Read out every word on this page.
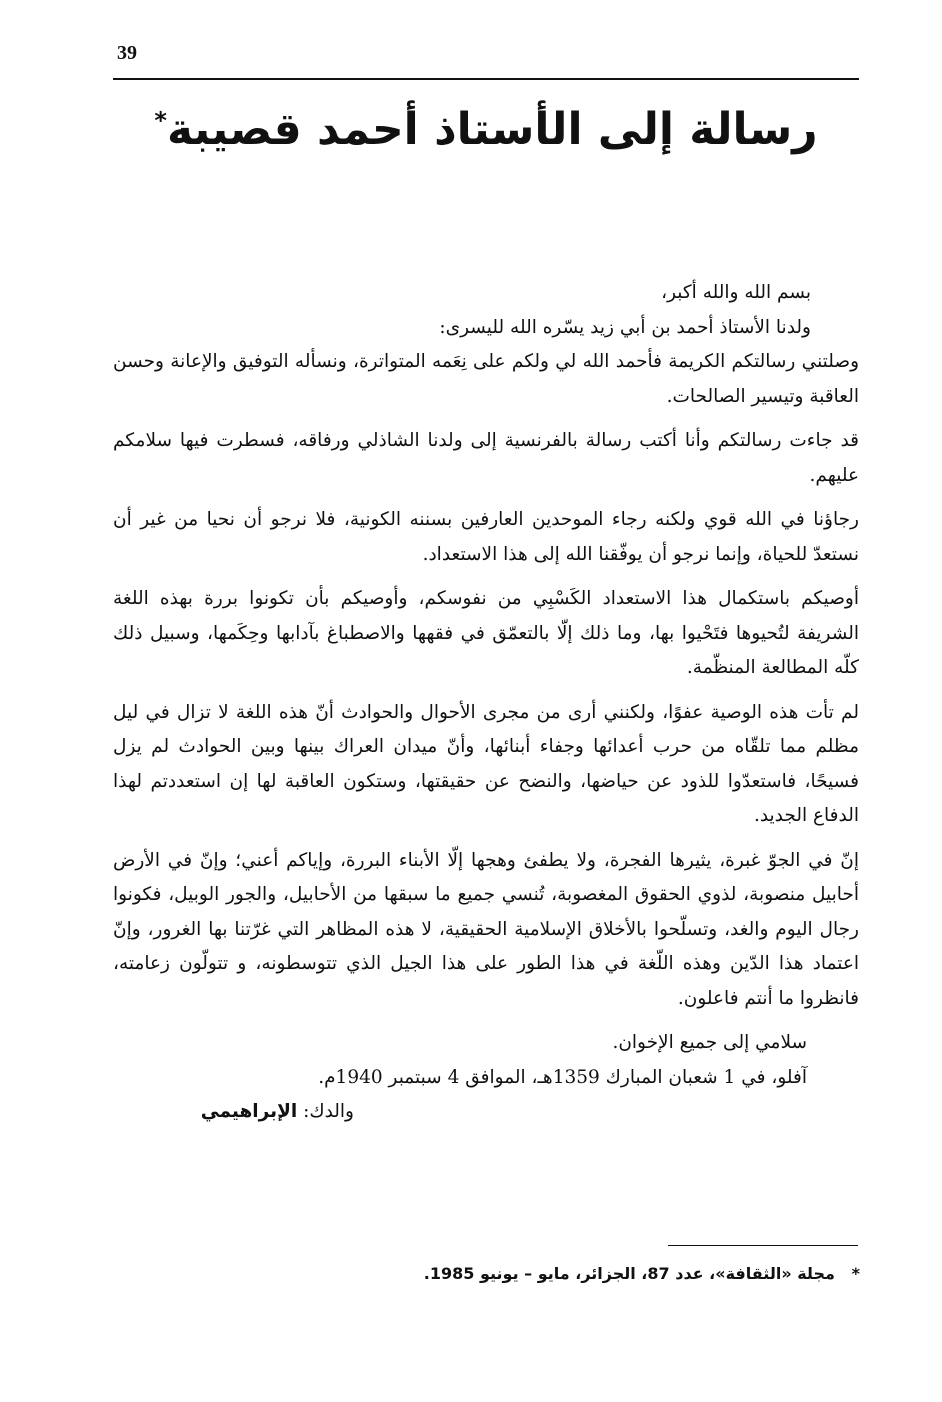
39
رسالة إلى الأستاذ أحمد قصيبة*

بسم الله والله أكبر،

ولدنا الأستاذ أحمد بن أبي زيد يسّره الله لليسرى:

وصلتني رسالتكم الكريمة فأحمد الله لي ولكم على نِعَمه المتواترة، ونسأله التوفيق والإعانة وحسن العاقبة وتيسير الصالحات.

قد جاءت رسالتكم وأنا أكتب رسالة بالفرنسية إلى ولدنا الشاذلي ورفاقه، فسطرت فيها سلامكم عليهم.

رجاؤنا في الله قوي ولكنه رجاء الموحدين العارفين بسننه الكونية، فلا نرجو أن نحيا من غير أن نستعدّ للحياة، وإنما نرجو أن يوفّقنا الله إلى هذا الاستعداد.

أوصيكم باستكمال هذا الاستعداد الكَسْبِي من نفوسكم، وأوصيكم بأن تكونوا بررة بهذه اللغة الشريفة لتُحيوها فتَحْيوا بها، وما ذلك إلّا بالتعمّق في فقهها والاصطباغ بآدابها وحِكَمها، وسبيل ذلك كلّه المطالعة المنظّمة.

لم تأت هذه الوصية عفوًا، ولكنني أرى من مجرى الأحوال والحوادث أنّ هذه اللغة لا تزال في ليل مظلم مما تلقّاه من حرب أعدائها وجفاء أبنائها، وأنّ ميدان العراك بينها وبين الحوادث لم يزل فسيحًا، فاستعدّوا للذود عن حياضها، والنضح عن حقيقتها، وستكون العاقبة لها إن استعددتم لهذا الدفاع الجديد.

إنّ في الجوّ غبرة، يثيرها الفجرة، ولا يطفئ وهجها إلّا الأبناء البررة، وإياكم أعني؛ وإنّ في الأرض أحابيل منصوبة، لذوي الحقوق المغصوبة، تُنسي جميع ما سبقها من الأحابيل، والجور الوبيل، فكونوا رجال اليوم والغد، وتسلّحوا بالأخلاق الإسلامية الحقيقية، لا هذه المظاهر التي غرّتنا بها الغرور، وإنّ اعتماد هذا الدّين وهذه اللّغة في هذا الطور على هذا الجيل الذي تتوسطونه، و تتولّون زعامته، فانظروا ما أنتم فاعلون.

سلامي إلى جميع الإخوان.

آفلو، في 1 شعبان المبارك 1359هـ، الموافق 4 سبتمبر 1940م.

والدك: الإبراهيمي

*   مجلة «الثقافة»، عدد 87، الجزائر، مايو – يونيو 1985.
